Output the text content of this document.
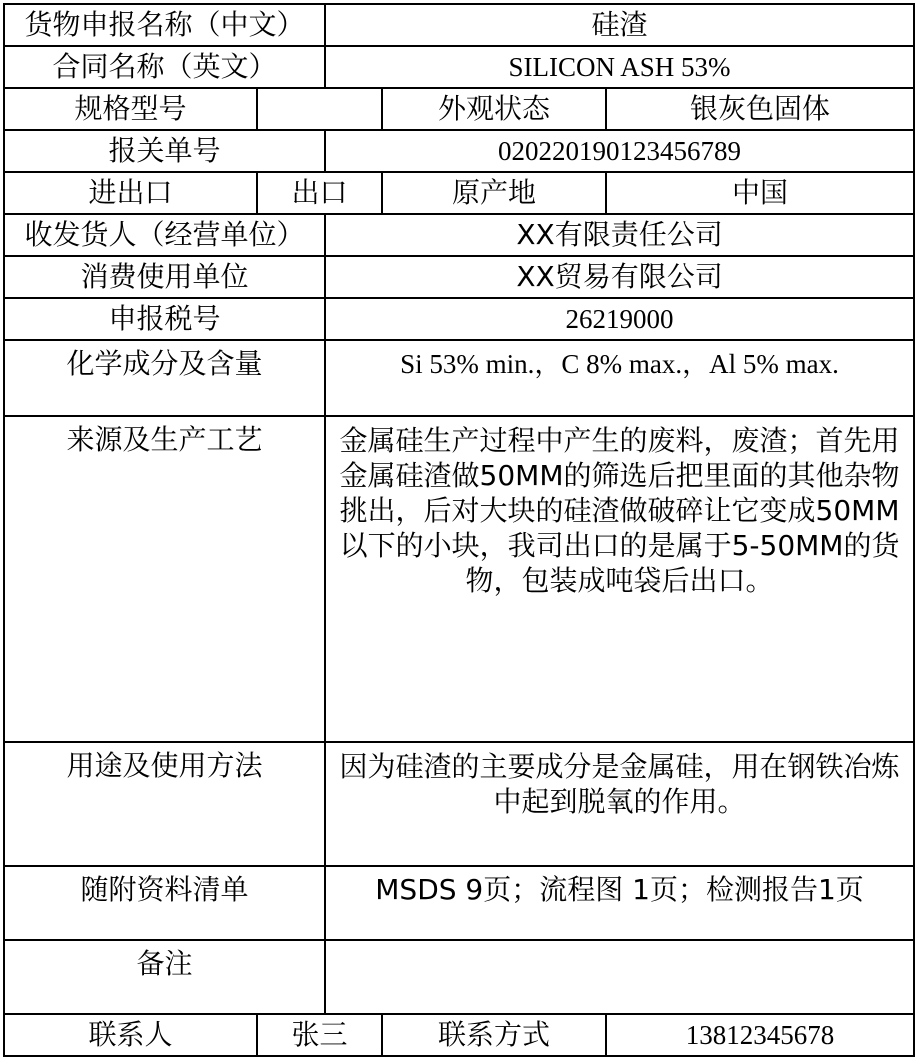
货物申报名称（中文）		硅渣		
合同名称（英文）		SILICON ASH 53%		
规格型号			外观状态	银灰色固体
报关单号		020220190123456789		
进出口	出口		原产地	中国
收发货人（经营单位）		XX有限责任公司		
消费使用单位		XX贸易有限公司		
申报税号		26219000		
化学成分及含量		Si 53% min.，C 8% max.，Al 5% max.		
来源及生产工艺		金属硅生产过程中产生的废料，废渣；首先用金属硅渣做50MM的筛选后把里面的其他杂物挑出，后对大块的硅渣做破碎让它变成50MM以下的小块，我司出口的是属于5-50MM的货物，包装成吨袋后出口。		
用途及使用方法		因为硅渣的主要成分是金属硅，用在钢铁冶炼中起到脱氧的作用。		
随附资料清单		MSDS 9页；流程图 1页；检测报告1页		
备注				
联系人	张三		联系方式	13812345678
